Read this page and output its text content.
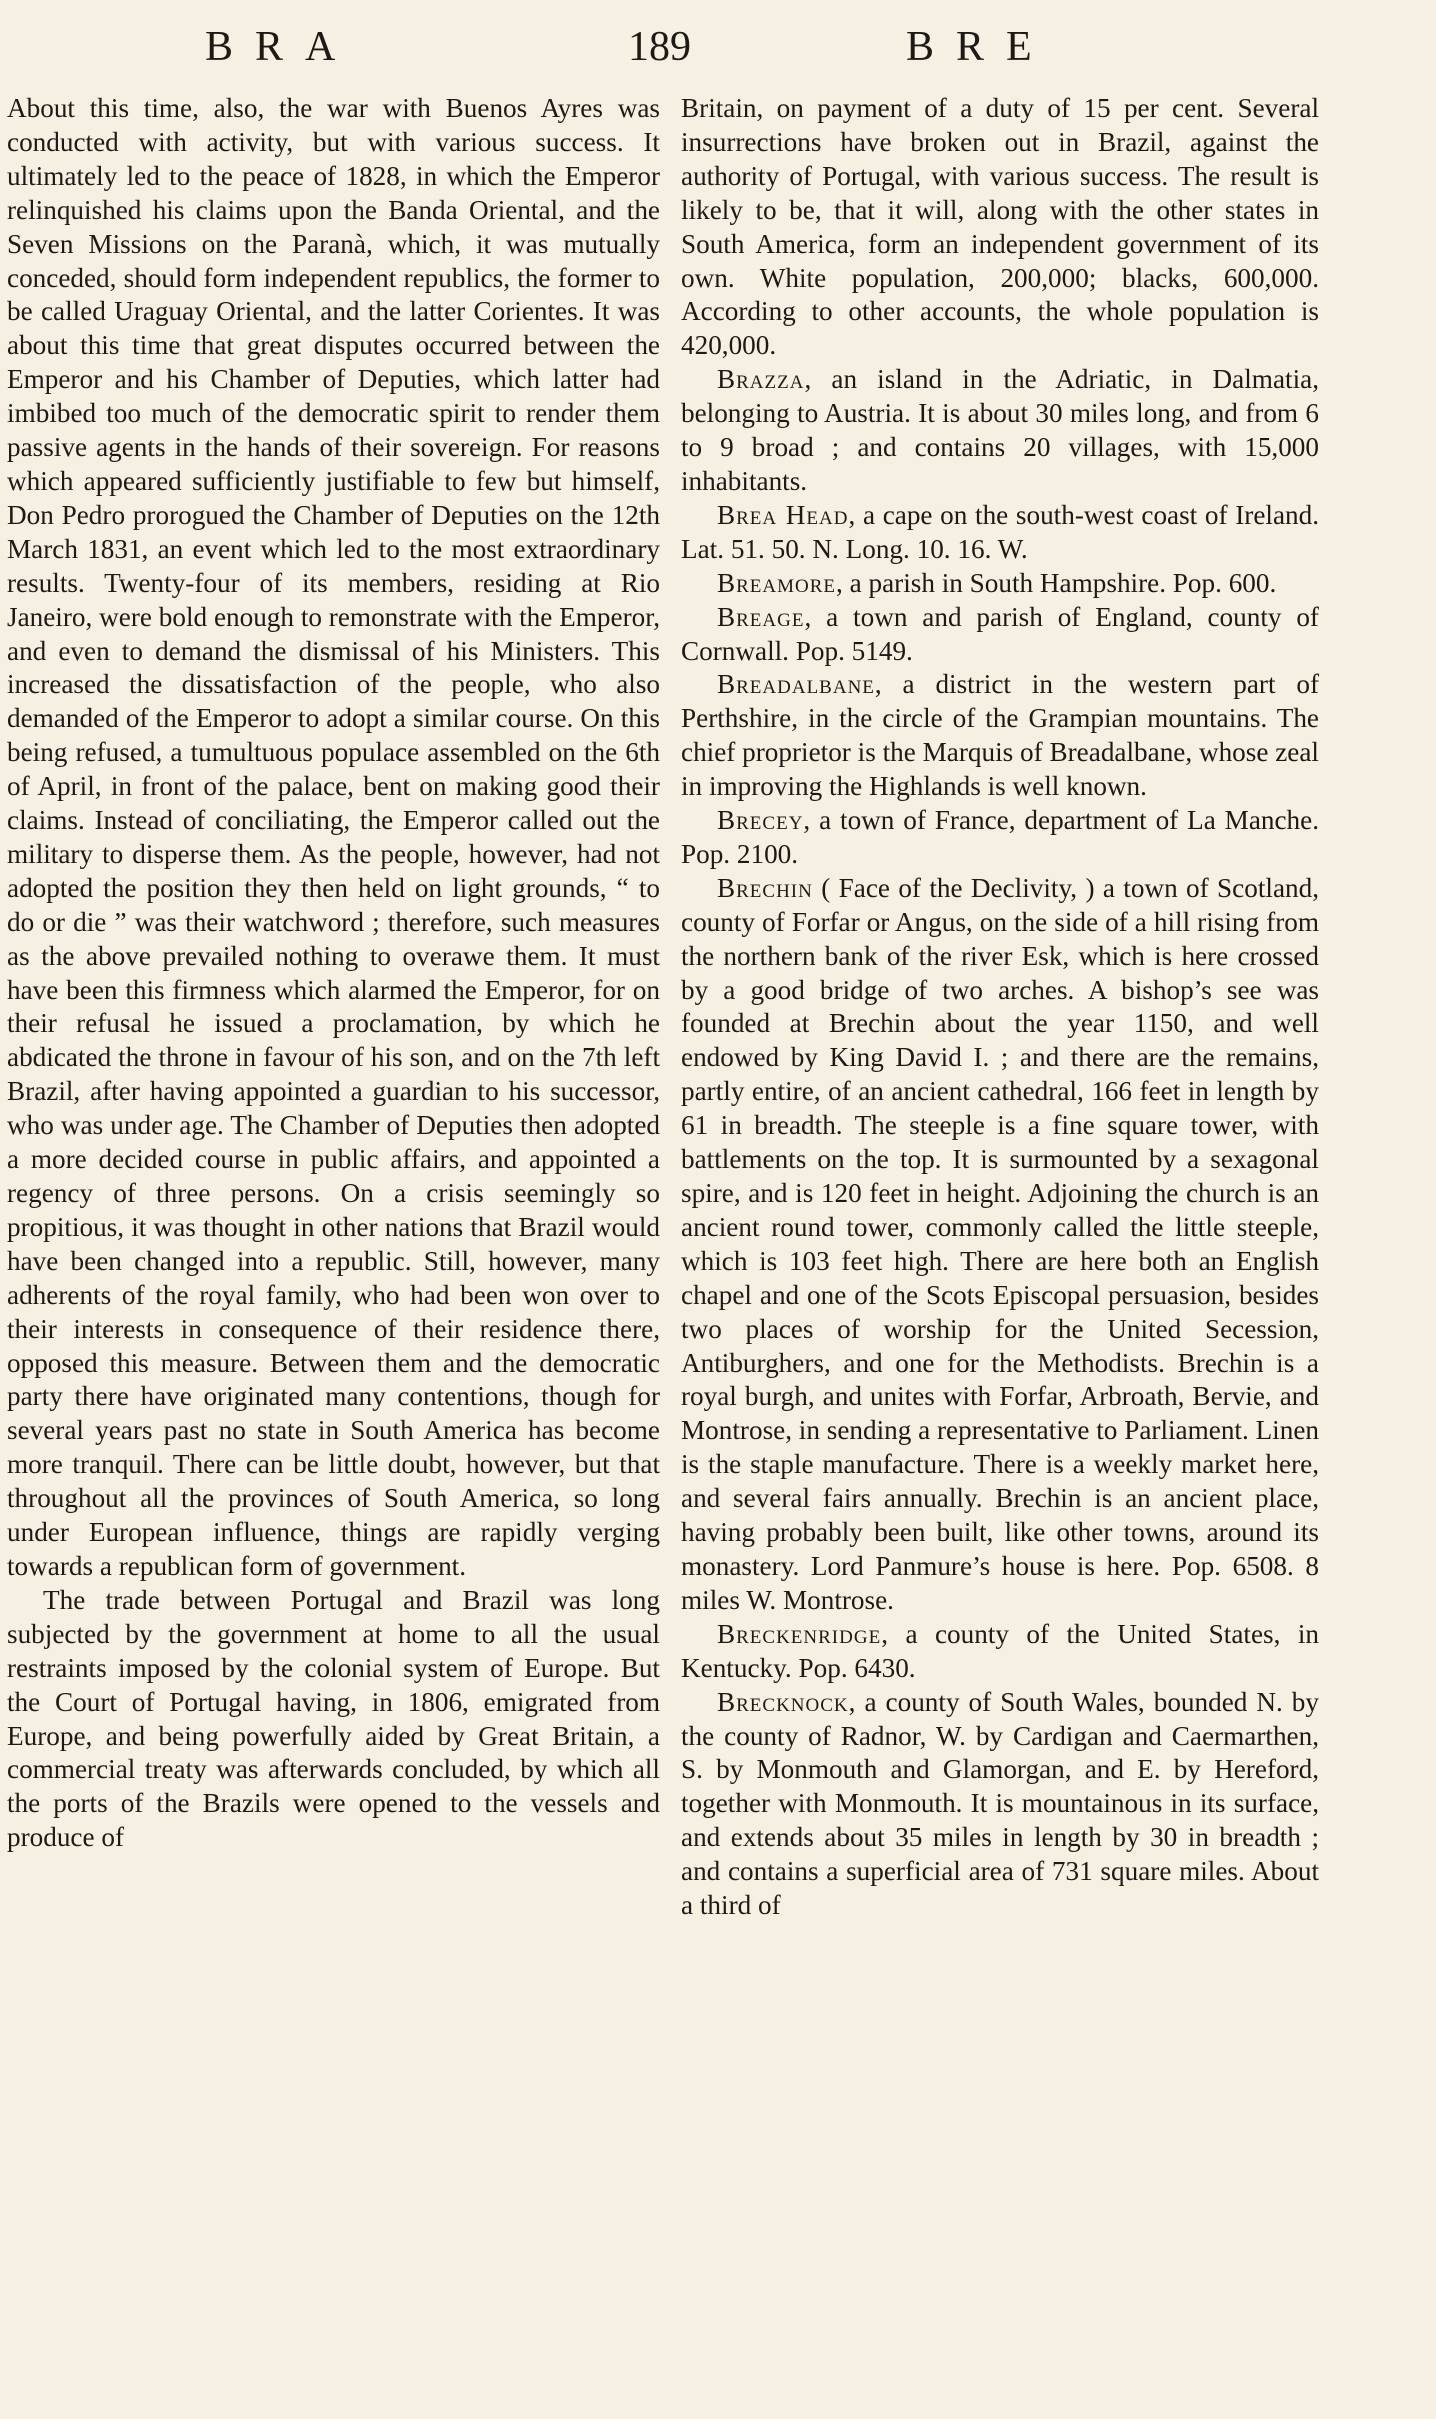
BRA	189	BRE

About this time, also, the war with Buenos Ayres was conducted with activity, but with various success. It ultimately led to the peace of 1828, in which the Emperor relinquished his claims upon the Banda Oriental, and the Seven Missions on the Paranà, which, it was mutually conceded, should form independent republics, the former to be called Uraguay Oriental, and the latter Corientes. It was about this time that great disputes occurred between the Emperor and his Chamber of Deputies, which latter had imbibed too much of the democratic spirit to render them passive agents in the hands of their sovereign. For reasons which appeared sufficiently justifiable to few but himself, Don Pedro prorogued the Chamber of Deputies on the 12th March 1831, an event which led to the most extraordinary results. Twenty-four of its members, residing at Rio Janeiro, were bold enough to remonstrate with the Emperor, and even to demand the dismissal of his Ministers. This increased the dissatisfaction of the people, who also demanded of the Emperor to adopt a similar course. On this being refused, a tumultuous populace assembled on the 6th of April, in front of the palace, bent on making good their claims. Instead of conciliating, the Emperor called out the military to disperse them. As the people, however, had not adopted the position they then held on light grounds, “ to do or die ” was their watchword ; therefore, such measures as the above prevailed nothing to overawe them. It must have been this firmness which alarmed the Emperor, for on their refusal he issued a proclamation, by which he abdicated the throne in favour of his son, and on the 7th left Brazil, after having appointed a guardian to his successor, who was under age. The Chamber of Deputies then adopted a more decided course in public affairs, and appointed a regency of three persons. On a crisis seemingly so propitious, it was thought in other nations that Brazil would have been changed into a republic. Still, however, many adherents of the royal family, who had been won over to their interests in consequence of their residence there, opposed this measure. Between them and the democratic party there have originated many contentions, though for several years past no state in South America has become more tranquil. There can be little doubt, however, but that throughout all the provinces of South America, so long under European influence, things are rapidly verging towards a republican form of government.

The trade between Portugal and Brazil was long subjected by the government at home to all the usual restraints imposed by the colonial system of Europe. But the Court of Portugal having, in 1806, emigrated from Europe, and being powerfully aided by Great Britain, a commercial treaty was afterwards concluded, by which all the ports of the Brazils were opened to the vessels and produce of

Britain, on payment of a duty of 15 per cent. Several insurrections have broken out in Brazil, against the authority of Portugal, with various success. The result is likely to be, that it will, along with the other states in South America, form an independent government of its own. White population, 200,000; blacks, 600,000. According to other accounts, the whole population is 420,000.

Brazza, an island in the Adriatic, in Dalmatia, belonging to Austria. It is about 30 miles long, and from 6 to 9 broad ; and contains 20 villages, with 15,000 inhabitants.

Brea Head, a cape on the south-west coast of Ireland. Lat. 51. 50. N. Long. 10. 16. W.

Breamore, a parish in South Hampshire. Pop. 600.

Breage, a town and parish of England, county of Cornwall. Pop. 5149.

Breadalbane, a district in the western part of Perthshire, in the circle of the Grampian mountains. The chief proprietor is the Marquis of Breadalbane, whose zeal in improving the Highlands is well known.

Brecey, a town of France, department of La Manche. Pop. 2100.

Brechin ( Face of the Declivity, ) a town of Scotland, county of Forfar or Angus, on the side of a hill rising from the northern bank of the river Esk, which is here crossed by a good bridge of two arches. A bishop’s see was founded at Brechin about the year 1150, and well endowed by King David I. ; and there are the remains, partly entire, of an ancient cathedral, 166 feet in length by 61 in breadth. The steeple is a fine square tower, with battlements on the top. It is surmounted by a sexagonal spire, and is 120 feet in height. Adjoining the church is an ancient round tower, commonly called the little steeple, which is 103 feet high. There are here both an English chapel and one of the Scots Episcopal persuasion, besides two places of worship for the United Secession, Antiburghers, and one for the Methodists. Brechin is a royal burgh, and unites with Forfar, Arbroath, Bervie, and Montrose, in sending a representative to Parliament. Linen is the staple manufacture. There is a weekly market here, and several fairs annually. Brechin is an ancient place, having probably been built, like other towns, around its monastery. Lord Panmure’s house is here. Pop. 6508. 8 miles W. Montrose.

Breckenridge, a county of the United States, in Kentucky. Pop. 6430.

Brecknock, a county of South Wales, bounded N. by the county of Radnor, W. by Cardigan and Caermarthen, S. by Monmouth and Glamorgan, and E. by Hereford, together with Monmouth. It is mountainous in its surface, and extends about 35 miles in length by 30 in breadth ; and contains a superficial area of 731 square miles. About a third of
